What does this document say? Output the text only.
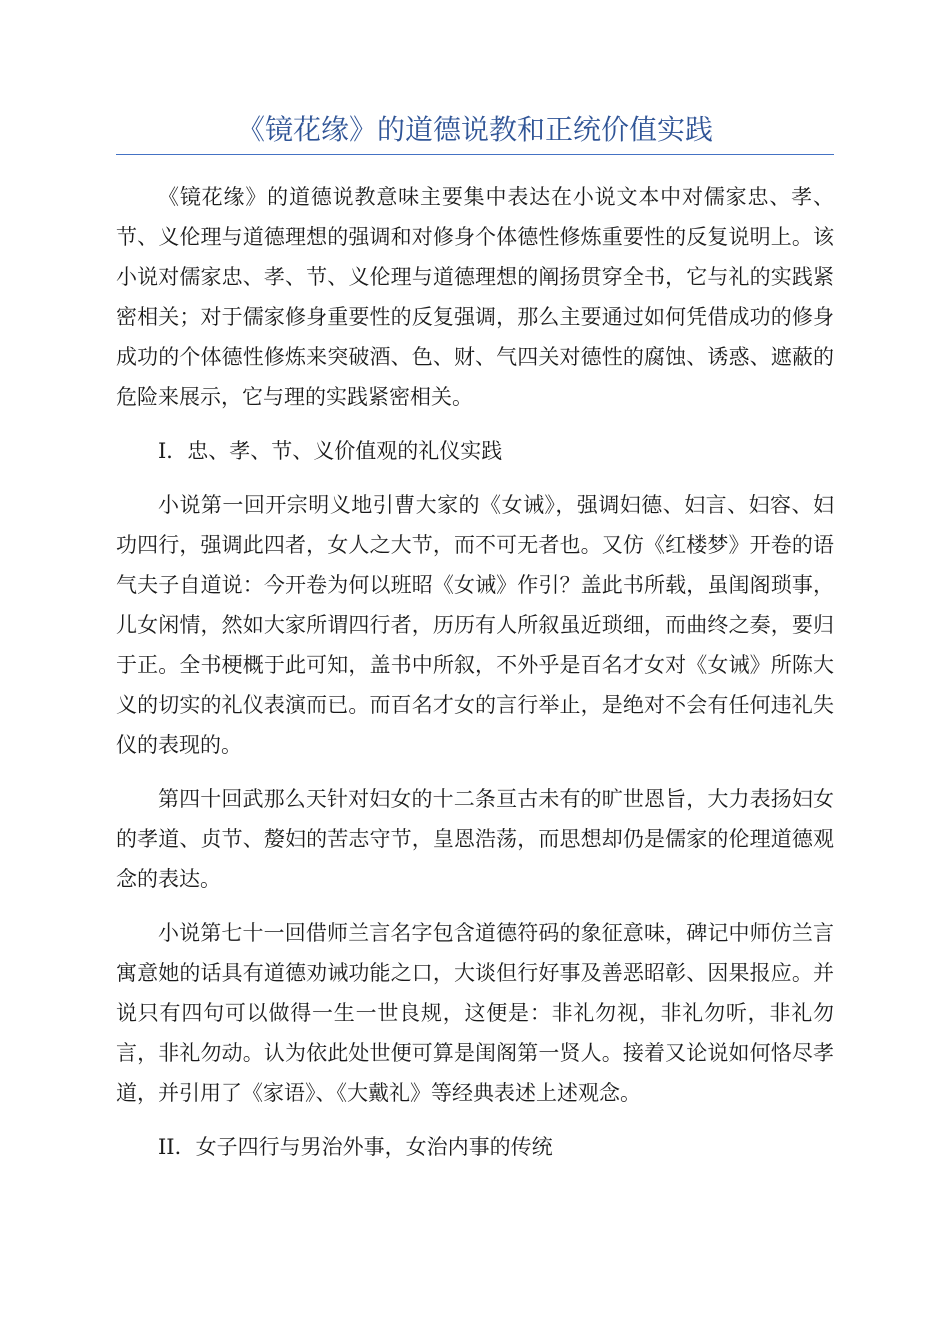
《镜花缘》的道德说教和正统价值实践

《镜花缘》的道德说教意味主要集中表达在小说文本中对儒家忠、孝、节、义伦理与道德理想的强调和对修身个体德性修炼重要性的反复说明上。该小说对儒家忠、孝、节、义伦理与道德理想的阐扬贯穿全书，它与礼的实践紧密相关；对于儒家修身重要性的反复强调，那么主要通过如何凭借成功的修身成功的个体德性修炼来突破酒、色、财、气四关对德性的腐蚀、诱惑、遮蔽的危险来展示，它与理的实践紧密相关。

I．忠、孝、节、义价值观的礼仪实践

小说第一回开宗明义地引曹大家的《女诫》，强调妇德、妇言、妇容、妇功四行，强调此四者，女人之大节，而不可无者也。又仿《红楼梦》开卷的语气夫子自道说：今开卷为何以班昭《女诫》作引？盖此书所载，虽闺阁琐事，儿女闲情，然如大家所谓四行者，历历有人所叙虽近琐细，而曲终之奏，要归于正。全书梗概于此可知，盖书中所叙，不外乎是百名才女对《女诫》所陈大义的切实的礼仪表演而已。而百名才女的言行举止，是绝对不会有任何违礼失仪的表现的。

第四十回武那么天针对妇女的十二条亘古未有的旷世恩旨，大力表扬妇女的孝道、贞节、嫠妇的苦志守节，皇恩浩荡，而思想却仍是儒家的伦理道德观念的表达。

小说第七十一回借师兰言名字包含道德符码的象征意味，碑记中师仿兰言寓意她的话具有道德劝诫功能之口，大谈但行好事及善恶昭彰、因果报应。并说只有四句可以做得一生一世良规，这便是：非礼勿视，非礼勿听，非礼勿言，非礼勿动。认为依此处世便可算是闺阁第一贤人。接着又论说如何恪尽孝道，并引用了《家语》、《大戴礼》等经典表述上述观念。

II．女子四行与男治外事，女治内事的传统
